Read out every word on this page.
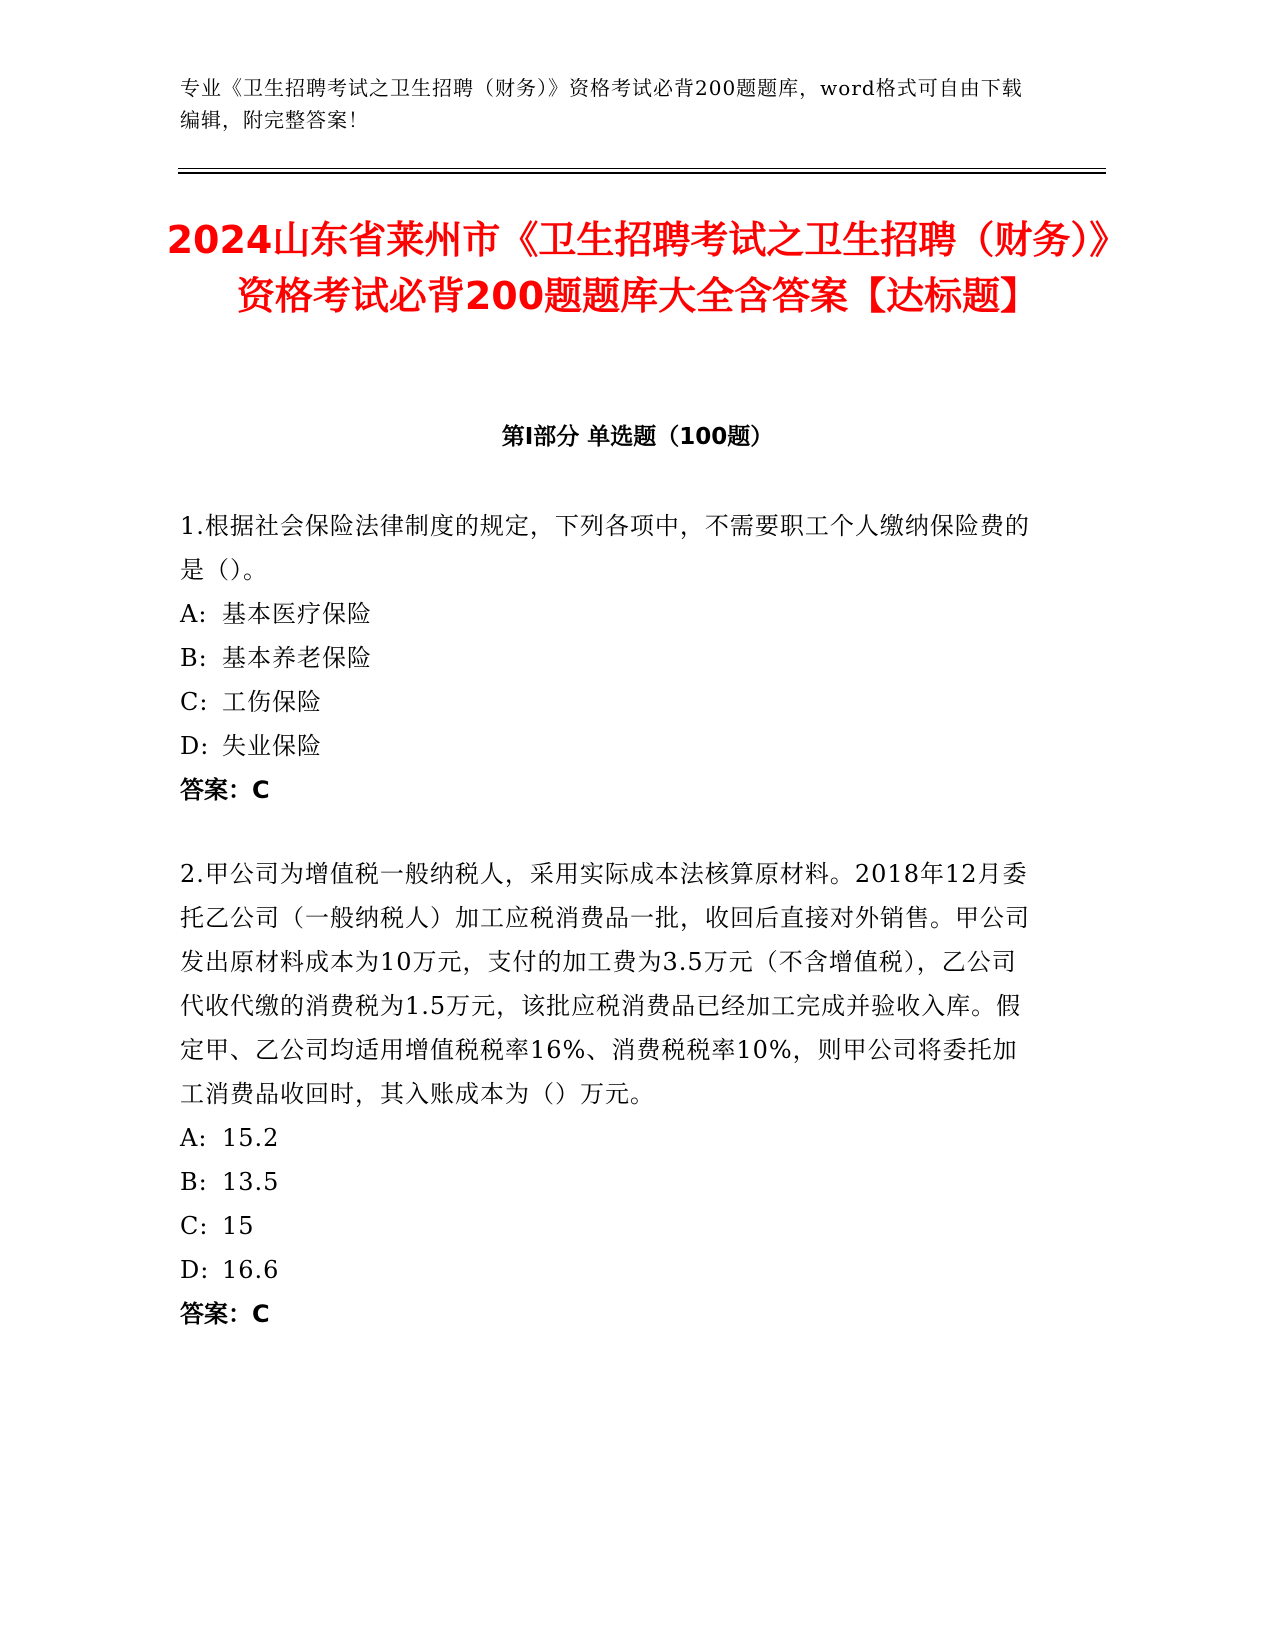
专业《卫生招聘考试之卫生招聘（财务）》资格考试必背200题题库，word格式可自由下载编辑，附完整答案！
2024山东省莱州市《卫生招聘考试之卫生招聘（财务）》资格考试必背200题题库大全含答案【达标题】
第I部分 单选题（100题）

1.根据社会保险法律制度的规定，下列各项中，不需要职工个人缴纳保险费的是（）。

A: 基本医疗保险
B: 基本养老保险
C: 工伤保险
D: 失业保险
答案：C

2.甲公司为增值税一般纳税人，采用实际成本法核算原材料。2018年12月委托乙公司（一般纳税人）加工应税消费品一批，收回后直接对外销售。甲公司发出原材料成本为10万元，支付的加工费为3.5万元（不含增值税），乙公司代收代缴的消费税为1.5万元，该批应税消费品已经加工完成并验收入库。假定甲、乙公司均适用增值税税率16%、消费税税率10%，则甲公司将委托加工消费品收回时，其入账成本为（）万元。

A: 15.2
B: 13.5
C: 15
D: 16.6
答案：C
